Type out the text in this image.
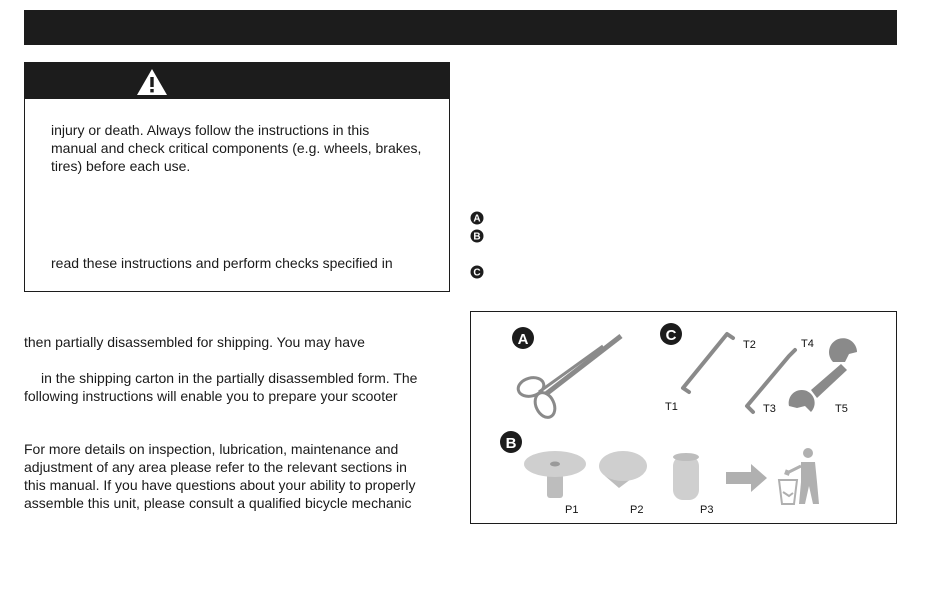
injury or death. Always follow the instructions in this
manual and check critical components (e.g. wheels, brakes,
tires) before each use.

read these instructions and perform checks specified in

then partially disassembled for shipping. You may have

in the shipping carton in the partially disassembled form. The
following instructions will enable you to prepare your scooter

For more details on inspection, lubrication, maintenance and
adjustment of any area please refer to the relevant sections in
this manual. If you have questions about your ability to properly
assemble this unit, please consult a qualified bicycle mechanic

A
B
C
A	C
T1
T2
T3
T4
T5
B
P1	P2	P3
